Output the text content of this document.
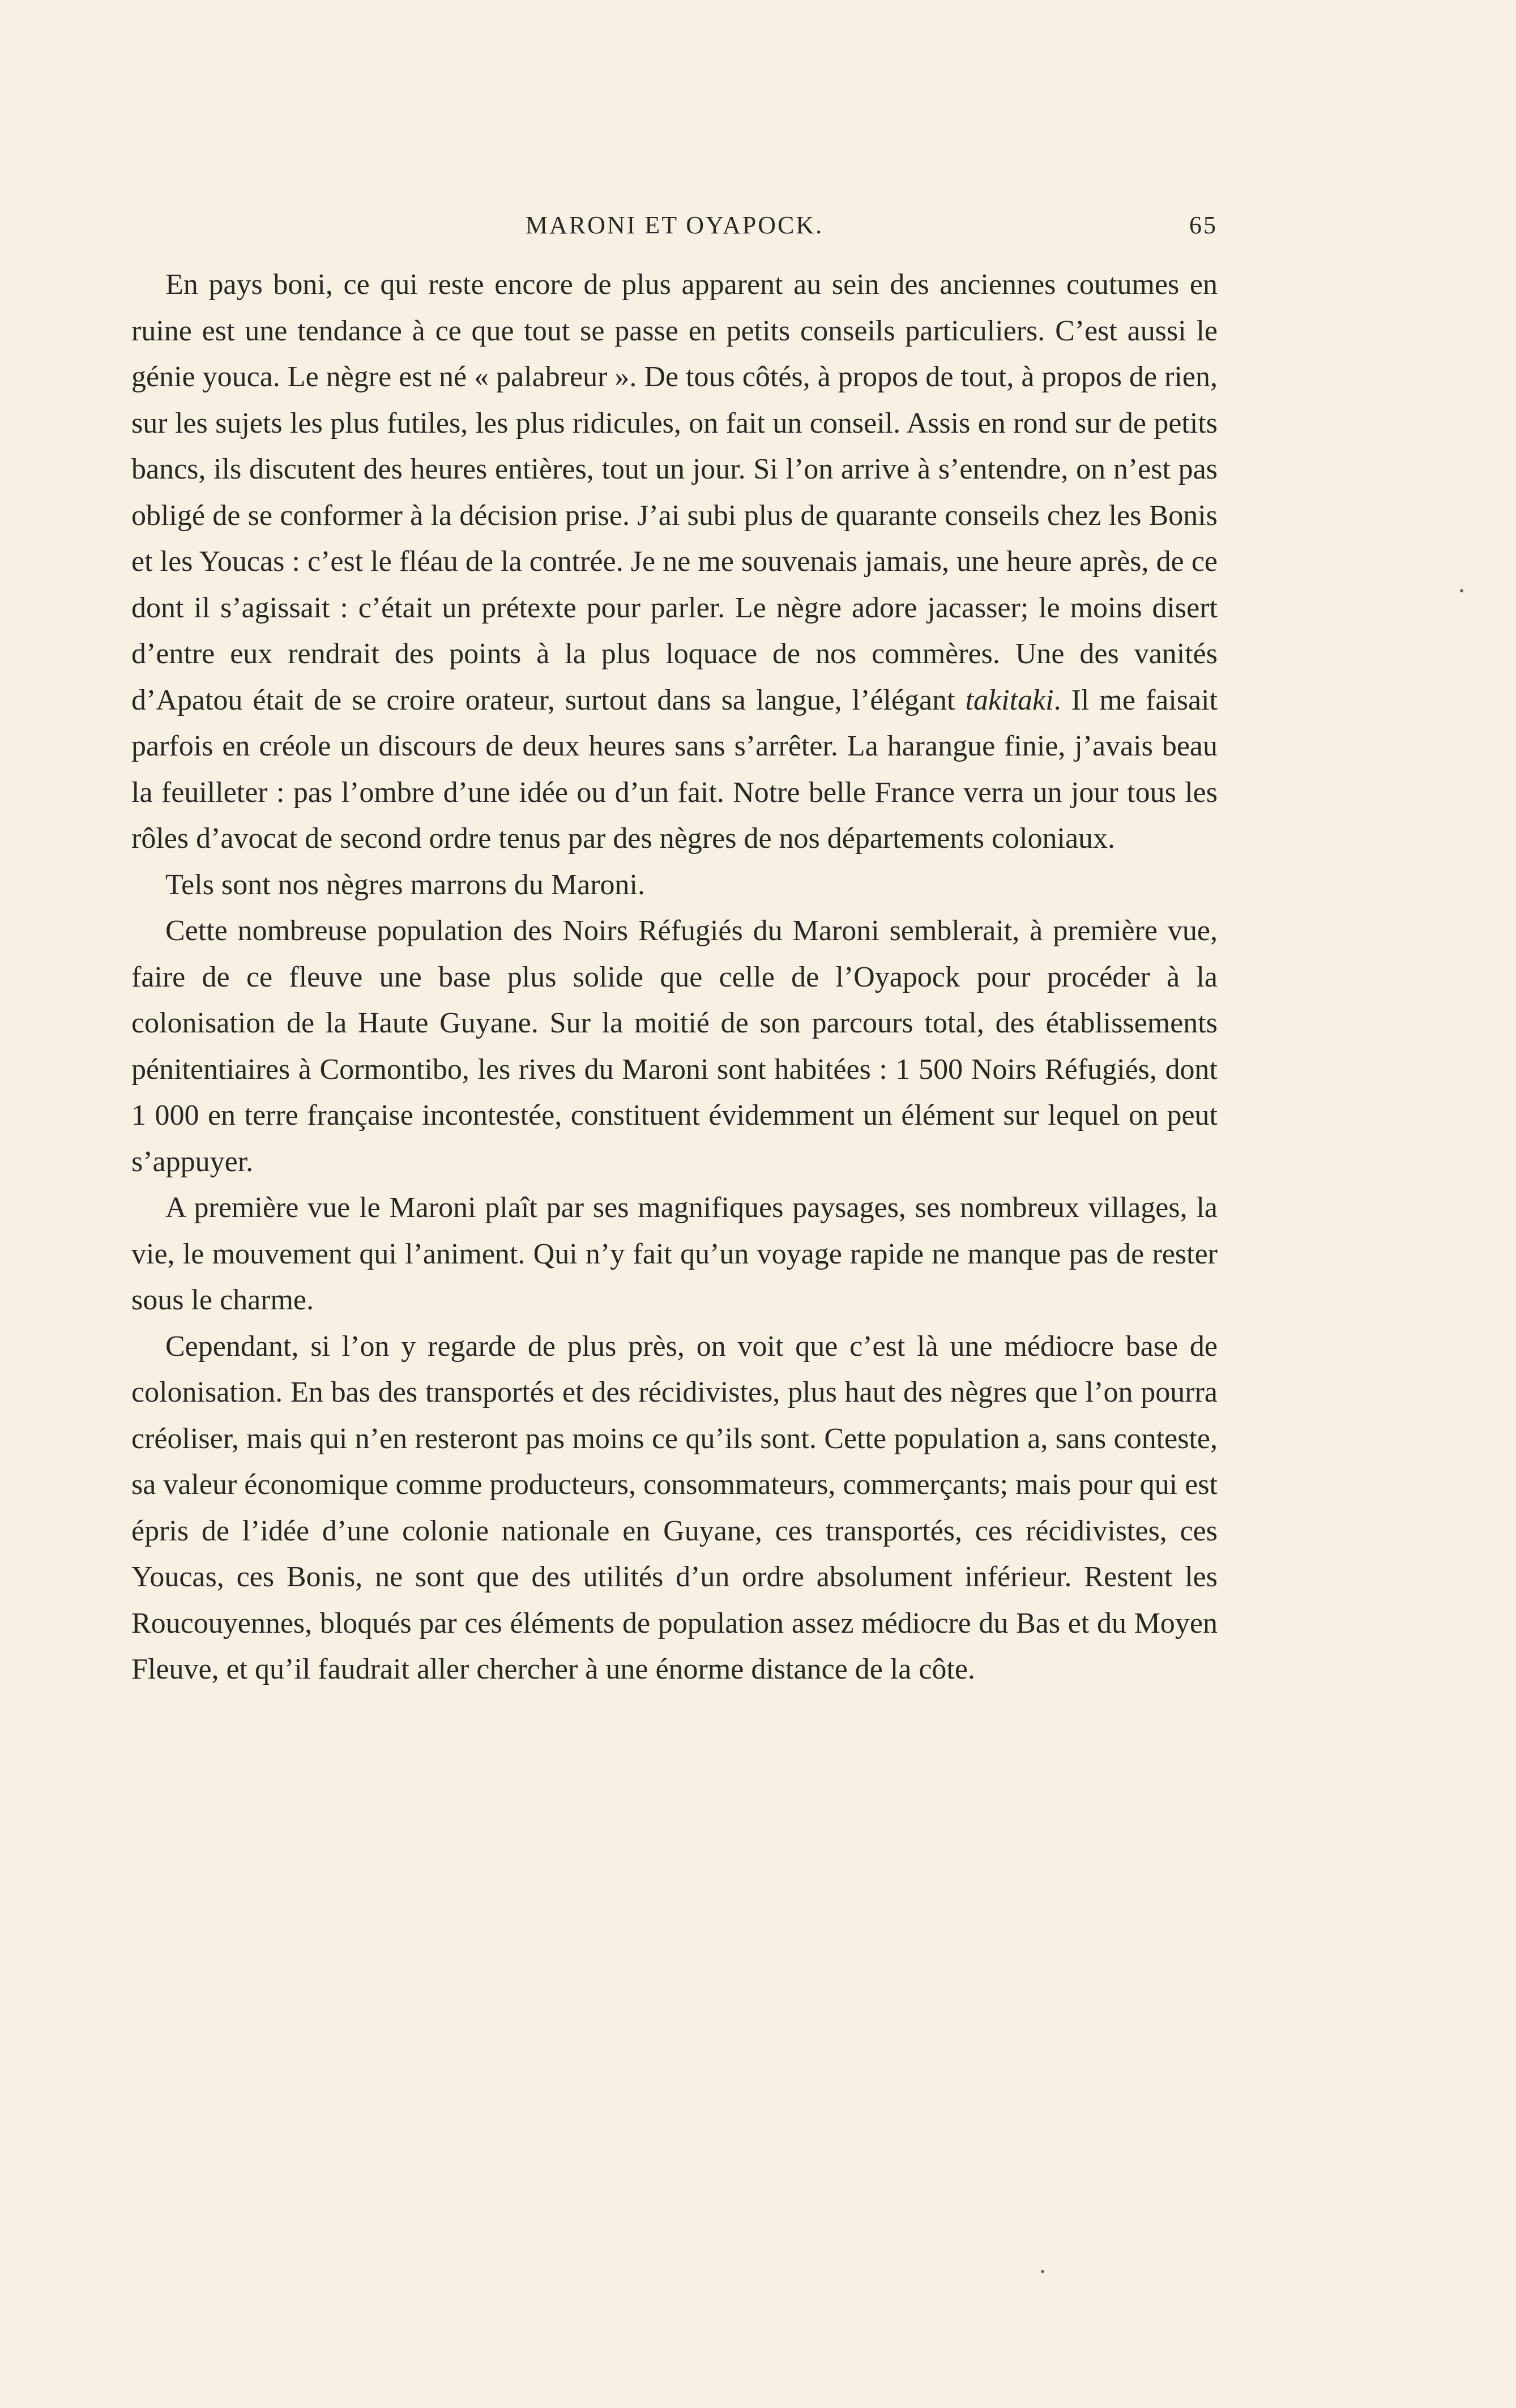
MARONI ET OYAPOCK.	65

En pays boni, ce qui reste encore de plus apparent au sein des anciennes coutumes en ruine est une tendance à ce que tout se passe en petits conseils particuliers. C’est aussi le génie youca. Le nègre est né « palabreur ». De tous côtés, à propos de tout, à propos de rien, sur les sujets les plus futiles, les plus ridicules, on fait un conseil. Assis en rond sur de petits bancs, ils discutent des heures entières, tout un jour. Si l’on arrive à s’entendre, on n’est pas obligé de se conformer à la décision prise. J’ai subi plus de quarante conseils chez les Bonis et les Youcas : c’est le fléau de la contrée. Je ne me souvenais jamais, une heure après, de ce dont il s’agissait : c’était un prétexte pour parler. Le nègre adore jacasser; le moins disert d’entre eux rendrait des points à la plus loquace de nos commères. Une des vanités d’Apatou était de se croire orateur, surtout dans sa langue, l’élégant takitaki. Il me faisait parfois en créole un discours de deux heures sans s’arrêter. La harangue finie, j’avais beau la feuilleter : pas l’ombre d’une idée ou d’un fait. Notre belle France verra un jour tous les rôles d’avocat de second ordre tenus par des nègres de nos départements coloniaux.

Tels sont nos nègres marrons du Maroni.

Cette nombreuse population des Noirs Réfugiés du Maroni semblerait, à première vue, faire de ce fleuve une base plus solide que celle de l’Oyapock pour procéder à la colonisation de la Haute Guyane. Sur la moitié de son parcours total, des établissements pénitentiaires à Cormontibo, les rives du Maroni sont habitées : 1 500 Noirs Réfugiés, dont 1 000 en terre française incontestée, constituent évidemment un élément sur lequel on peut s’appuyer.

A première vue le Maroni plaît par ses magnifiques paysages, ses nombreux villages, la vie, le mouvement qui l’animent. Qui n’y fait qu’un voyage rapide ne manque pas de rester sous le charme.

Cependant, si l’on y regarde de plus près, on voit que c’est là une médiocre base de colonisation. En bas des transportés et des récidivistes, plus haut des nègres que l’on pourra créoliser, mais qui n’en resteront pas moins ce qu’ils sont. Cette population a, sans conteste, sa valeur économique comme producteurs, consommateurs, commerçants; mais pour qui est épris de l’idée d’une colonie nationale en Guyane, ces transportés, ces récidivistes, ces Youcas, ces Bonis, ne sont que des utilités d’un ordre absolument inférieur. Restent les Roucouyennes, bloqués par ces éléments de population assez médiocre du Bas et du Moyen Fleuve, et qu’il faudrait aller chercher à une énorme distance de la côte.
